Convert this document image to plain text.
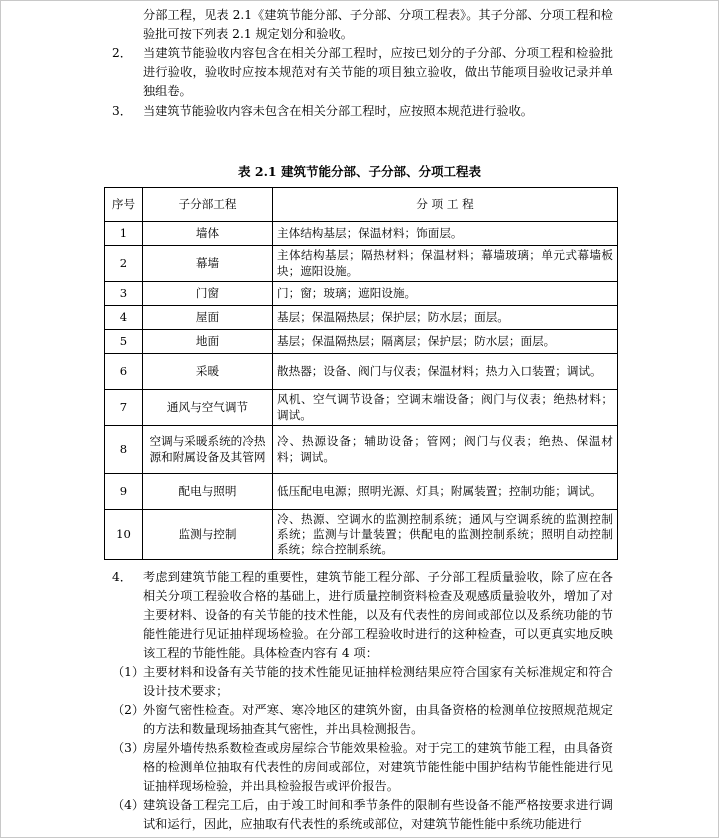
分部工程，见表 2.1《建筑节能分部、子分部、分项工程表》。其子分部、分项工程和检验批可按下列表 2.1 规定划分和验收。
2． 当建筑节能验收内容包含在相关分部工程时，应按已划分的子分部、分项工程和检验批进行验收，验收时应按本规范对有关节能的项目独立验收，做出节能项目验收记录并单独组卷。
3． 当建筑节能验收内容未包含在相关分部工程时，应按照本规范进行验收。
表 2.1 建筑节能分部、子分部、分项工程表
序号	子分部工程	分 项 工 程
1	墙体	主体结构基层；保温材料；饰面层。
2	幕墙	主体结构基层；隔热材料；保温材料；幕墙玻璃；单元式幕墙板块；遮阳设施。
3	门窗	门；窗；玻璃；遮阳设施。
4	屋面	基层；保温隔热层；保护层；防水层；面层。
5	地面	基层；保温隔热层；隔离层；保护层；防水层；面层。
6	采暖	散热器；设备、阀门与仪表；保温材料；热力入口装置；调试。
7	通风与空气调节	风机、空气调节设备；空调末端设备；阀门与仪表；绝热材料；调试。
8	空调与采暖系统的冷热源和附属设备及其管网	冷、热源设备；辅助设备；管网；阀门与仪表；绝热、保温材料；调试。
9	配电与照明	低压配电电源；照明光源、灯具；附属装置；控制功能；调试。
10	监测与控制	冷、热源、空调水的监测控制系统；通风与空调系统的监测控制系统；监测与计量装置；供配电的监测控制系统；照明自动控制系统；综合控制系统。
4． 考虑到建筑节能工程的重要性，建筑节能工程分部、子分部工程质量验收，除了应在各相关分项工程验收合格的基础上，进行质量控制资料检查及观感质量验收外，增加了对主要材料、设备的有关节能的技术性能，以及有代表性的房间或部位以及系统功能的节能性能进行见证抽样现场检验。在分部工程验收时进行的这种检查，可以更真实地反映该工程的节能性能。具体检查内容有 4 项：
（1）
主要材料和设备有关节能的技术性能见证抽样检测结果应符合国家有关标准规定和符合设计技术要求；
（2）
外窗气密性检查。对严寒、寒冷地区的建筑外窗，由具备资格的检测单位按照规范规定的方法和数量现场抽查其气密性，并出具检测报告。
（3）
房屋外墙传热系数检查或房屋综合节能效果检验。对于完工的建筑节能工程，由具备资格的检测单位抽取有代表性的房间或部位，对建筑节能性能中围护结构节能性能进行见证抽样现场检验，并出具检验报告或评价报告。
（4）
建筑设备工程完工后，由于竣工时间和季节条件的限制有些设备不能严格按要求进行调试和运行，因此，应抽取有代表性的系统或部位，对建筑节能性能中系统功能进行
